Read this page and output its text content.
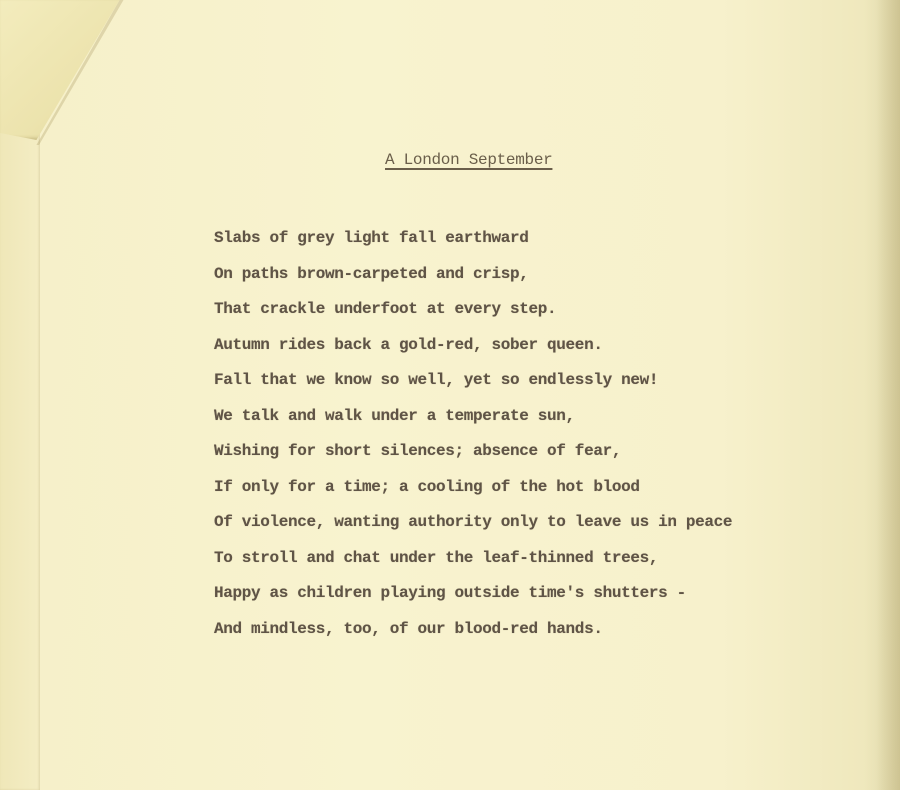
A London September
Slabs of grey light fall earthward
On paths brown-carpeted and crisp,
That crackle underfoot at every step.
Autumn rides back a gold-red, sober queen.
Fall that we know so well, yet so endlessly new!
We talk and walk under a temperate sun,
Wishing for short silences; absence of fear,
If only for a time; a cooling of the hot blood
Of violence, wanting authority only to leave us in peace
To stroll and chat under the leaf-thinned trees,
Happy as children playing outside time's shutters -
And mindless, too, of our blood-red hands.
